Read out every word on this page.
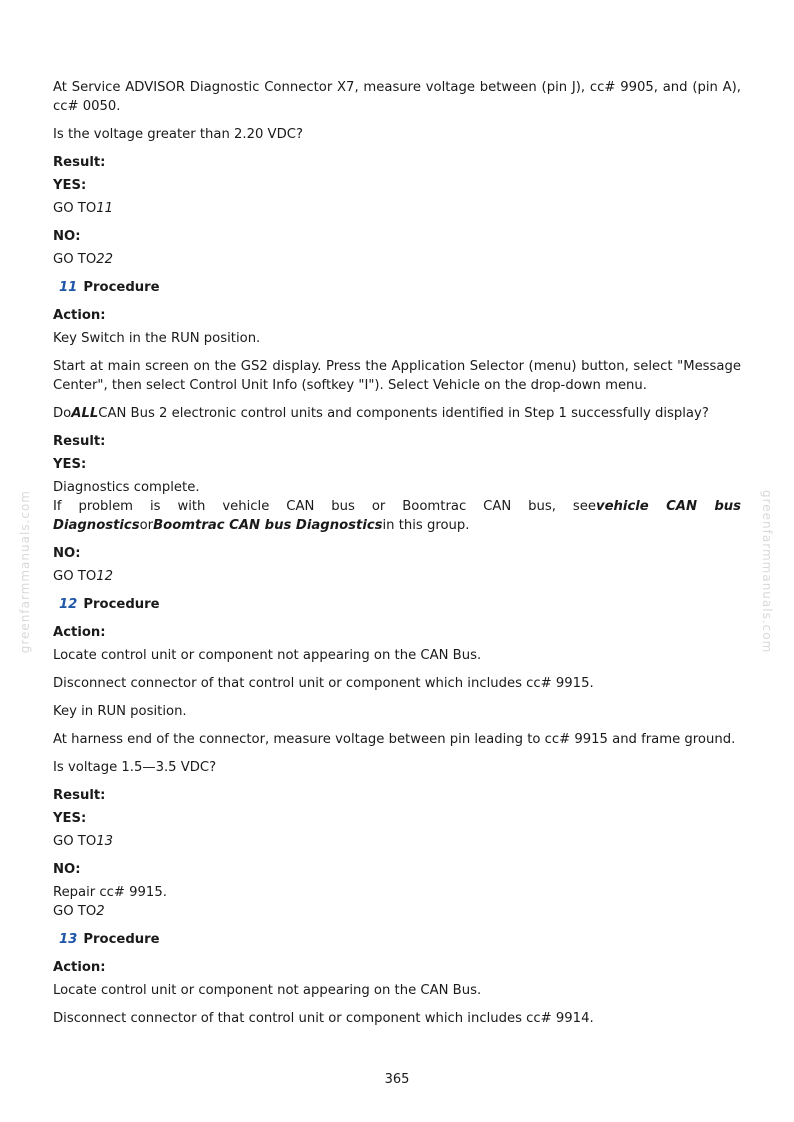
greenfarmmanuals.com	greenfarmmanuals.com

At Service ADVISOR Diagnostic Connector X7, measure voltage between (pin J), cc# 9905, and (pin A), cc# 0050.

Is the voltage greater than 2.20 VDC?

Result:

YES:

GO TO11

NO:

GO TO22

11 Procedure

Action:

Key Switch in the RUN position.

Start at main screen on the GS2 display. Press the Application Selector (menu) button, select "Message Center", then select Control Unit Info (softkey "I"). Select Vehicle on the drop-down menu.

DoALLCAN Bus 2 electronic control units and components identified in Step 1 successfully display?

Result:

YES:

Diagnostics complete.

If problem is with vehicle CAN bus or Boomtrac CAN bus, seevehicle CAN bus DiagnosticsorBoomtrac CAN bus Diagnosticsin this group.

NO:

GO TO12

12 Procedure

Action:

Locate control unit or component not appearing on the CAN Bus.

Disconnect connector of that control unit or component which includes cc# 9915.

Key in RUN position.

At harness end of the connector, measure voltage between pin leading to cc# 9915 and frame ground.

Is voltage 1.5—3.5 VDC?

Result:

YES:

GO TO13

NO:

Repair cc# 9915.

GO TO2

13 Procedure

Action:

Locate control unit or component not appearing on the CAN Bus.

Disconnect connector of that control unit or component which includes cc# 9914.

365
